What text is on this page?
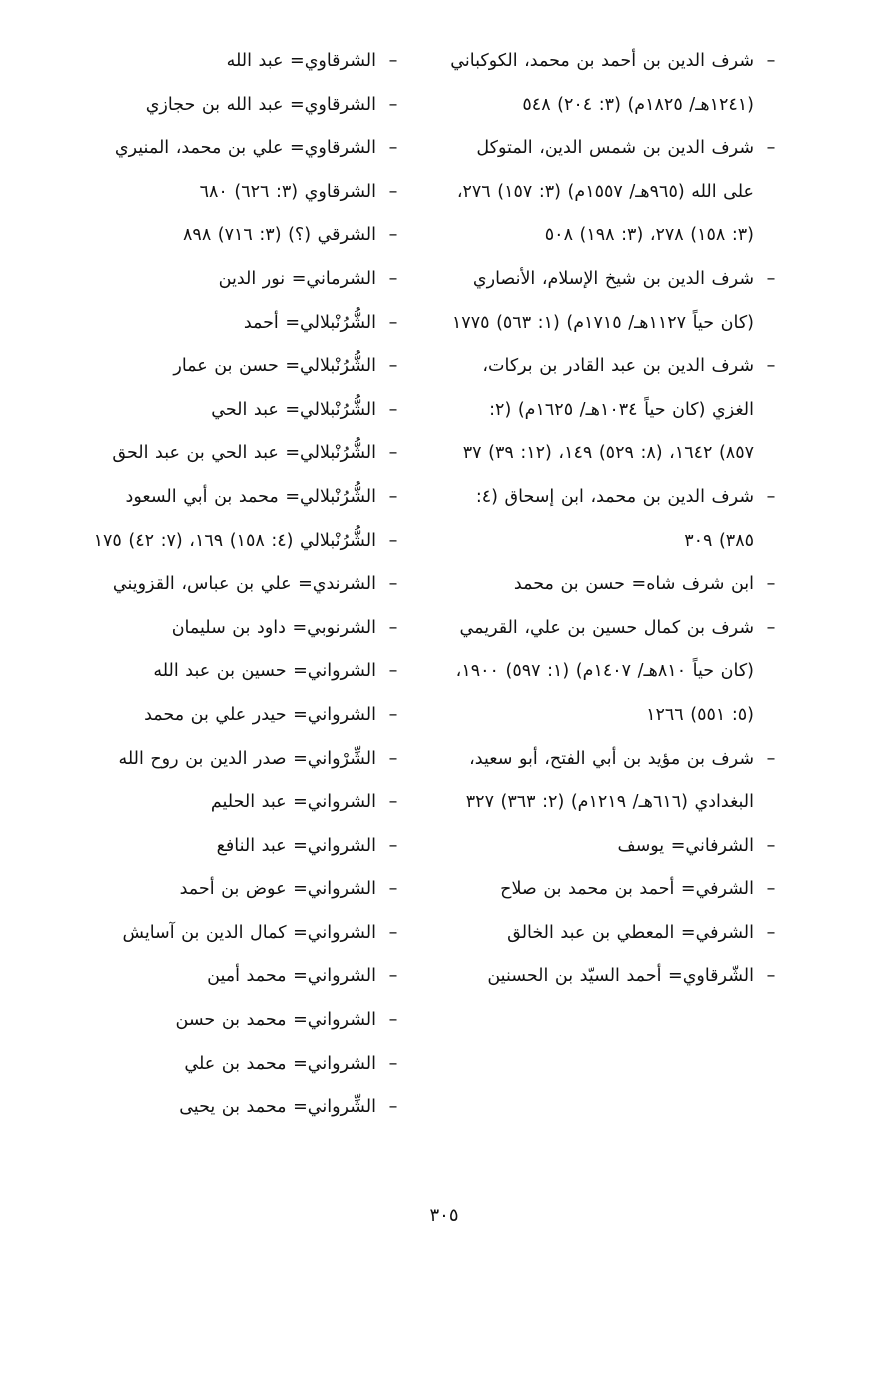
–
شرف الدين بن أحمد بن محمد، الكوكباني (١٢٤١هـ/ ١٨٢٥م) (٣: ٢٠٤) ٥٤٨
–
شرف الدين بن شمس الدين، المتوكل على الله (٩٦٥هـ/ ١٥٥٧م) (٣: ١٥٧) ٢٧٦، (٣: ١٥٨) ٢٧٨، (٣: ١٩٨) ٥٠٨
–
شرف الدين بن شيخ الإسلام، الأنصاري (كان حياً ١١٢٧هـ/ ١٧١٥م) (١: ٥٦٣) ١٧٧٥
–
شرف الدين بن عبد القادر بن بركات، الغزي (كان حياً ١٠٣٤هـ/ ١٦٢٥م) (٢: ٨٥٧) ١٦٤٢، (٨: ٥٢٩) ١٤٩، (١٢: ٣٩) ٣٧
–
شرف الدين بن محمد، ابن إسحاق (٤: ٣٨٥) ٣٠٩
–
ابن شرف شاه= حسن بن محمد
–
شرف بن كمال حسين بن علي، القريمي (كان حياً ٨١٠هـ/ ١٤٠٧م) (١: ٥٩٧) ١٩٠٠، (٥: ٥٥١) ١٢٦٦
–
شرف بن مؤيد بن أبي الفتح، أبو سعيد، البغدادي (٦١٦هـ/ ١٢١٩م) (٢: ٣٦٣) ٣٢٧
–
الشرفاني= يوسف
–
الشرفي= أحمد بن محمد بن صلاح
–
الشرفي= المعطي بن عبد الخالق
–
الشّرقاوي= أحمد السيّد بن الحسنين
–
الشرقاوي= عبد الله
–
الشرقاوي= عبد الله بن حجازي
–
الشرقاوي= علي بن محمد، المنيري
–
الشرقاوي (٣: ٦٢٦) ٦٨٠
–
الشرقي (؟) (٣: ٧١٦) ٨٩٨
–
الشرماني= نور الدين
–
الشُّرُنْبلالي= أحمد
–
الشُّرُنْبلالي= حسن بن عمار
–
الشُّرُنْبلالي= عبد الحي
–
الشُّرُنْبلالي= عبد الحي بن عبد الحق
–
الشُّرُنْبلالي= محمد بن أبي السعود
–
الشُّرُنْبلالي (٤: ١٥٨) ١٦٩، (٧: ٤٢) ١٧٥
–
الشرندي= علي بن عباس، القزويني
–
الشرنوبي= داود بن سليمان
–
الشرواني= حسين بن عبد الله
–
الشرواني= حيدر علي بن محمد
–
الشِّرْواني= صدر الدين بن روح الله
–
الشرواني= عبد الحليم
–
الشرواني= عبد النافع
–
الشرواني= عوض بن أحمد
–
الشرواني= كمال الدين بن آسايش
–
الشرواني= محمد أمين
–
الشرواني= محمد بن حسن
–
الشرواني= محمد بن علي
–
الشِّرواني= محمد بن يحيى
٣٠٥
